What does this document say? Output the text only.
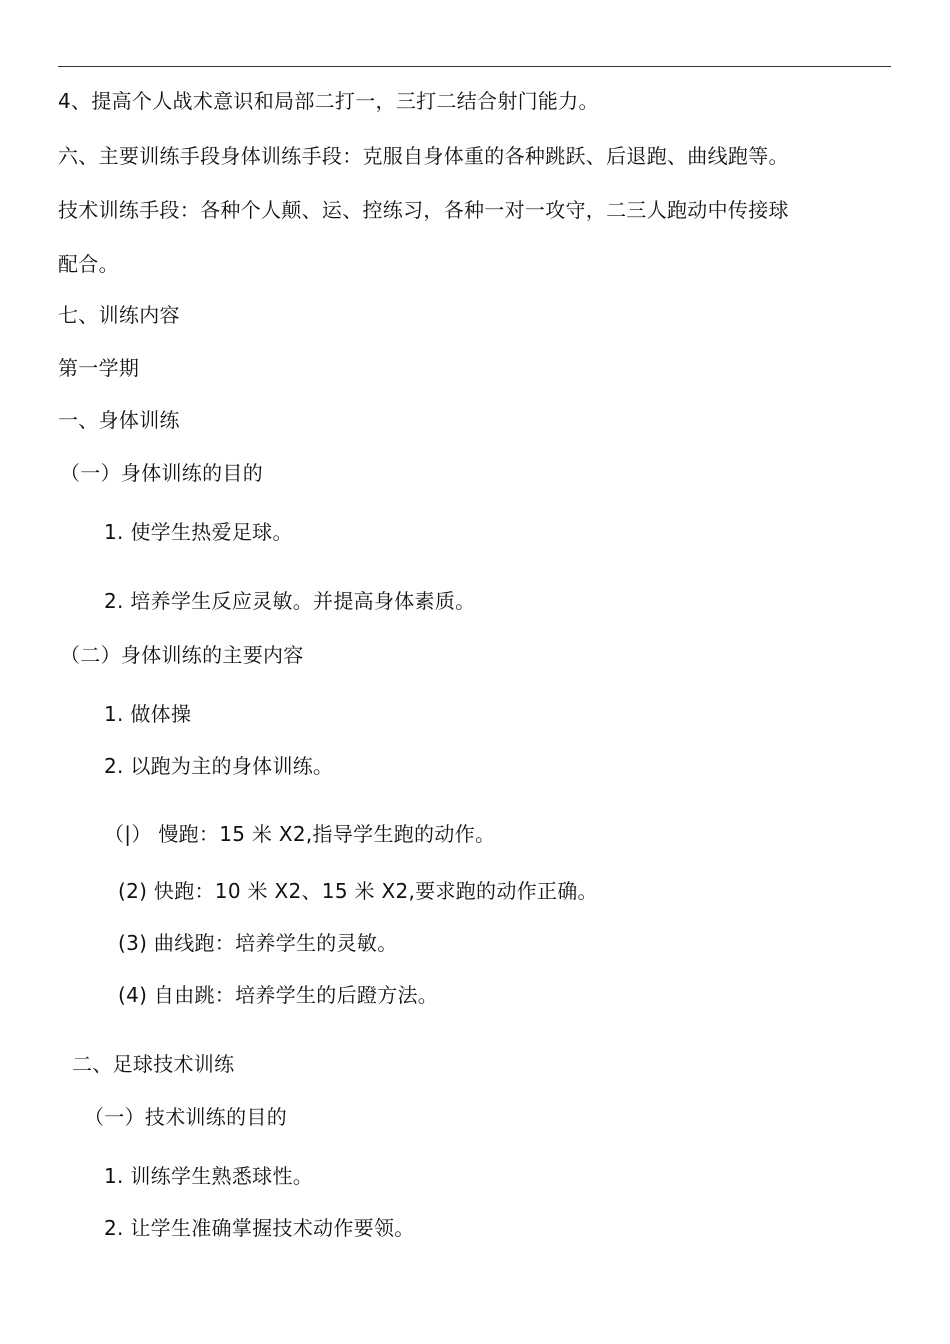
4、提高个人战术意识和局部二打一，三打二结合射门能力。
六、主要训练手段身体训练手段：克服自身体重的各种跳跃、后退跑、曲线跑等。
技术训练手段：各种个人颠、运、控练习，各种一对一攻守，二三人跑动中传接球
配合。
七、训练内容
第一学期
一、身体训练
（一）身体训练的目的
1. 使学生热爱足球。
2. 培养学生反应灵敏。并提高身体素质。
（二）身体训练的主要内容
1. 做体操
2. 以跑为主的身体训练。
（|） 慢跑：15 米 X2,指导学生跑的动作。
(2) 快跑：10 米 X2、15 米 X2,要求跑的动作正确。
(3) 曲线跑：培养学生的灵敏。
(4) 自由跳：培养学生的后蹬方法。
二、足球技术训练
（一）技术训练的目的
1. 训练学生熟悉球性。
2. 让学生准确掌握技术动作要领。
